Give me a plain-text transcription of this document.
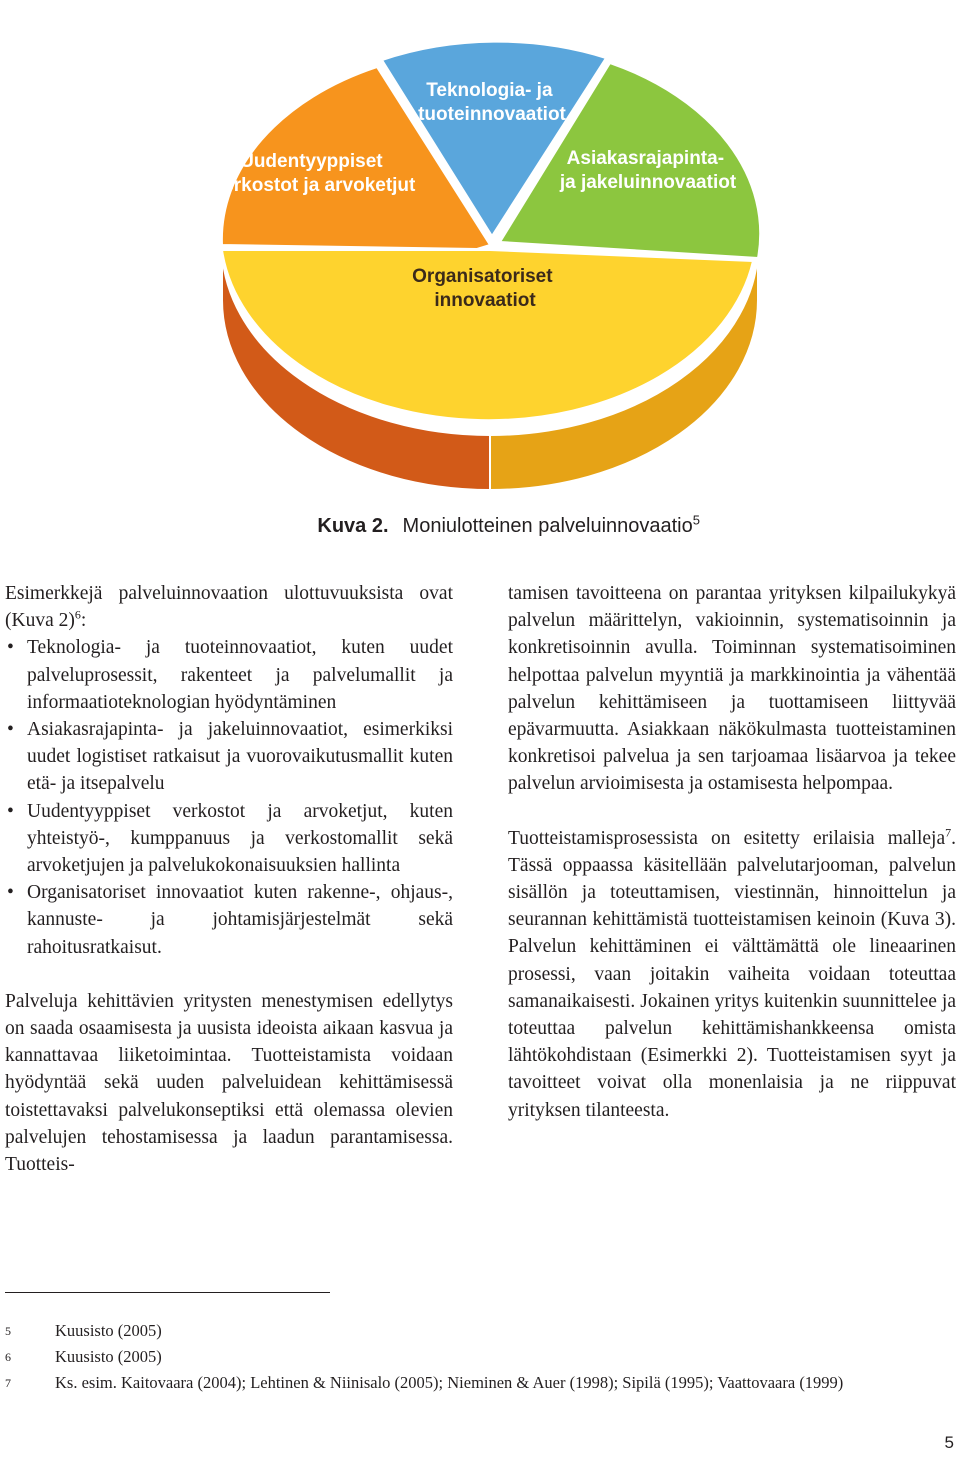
Teknologia- ja tuoteinnovaatiot
Asiakasrajapinta- ja jakeluinnovaatiot
Organisatoriset innovaatiot
Uudentyyppiset verkostot ja arvoketjut
Kuva 2. Moniulotteinen palveluinnovaatio$^5$

Esimerkkejä palveluinnovaation ulottuvuuksista ovat (Kuva 2)$^6$:

• Teknologia- ja tuoteinnovaatiot, kuten uudet palveluprosessit, rakenteet ja palvelumallit ja informaatioteknologian hyödyntäminen
• Asiakasrajapinta- ja jakeluinnovaatiot, esimerkiksi uudet logistiset ratkaisut ja vuorovaikutusmallit kuten etä- ja itsepalvelu
• Uudentyyppiset verkostot ja arvoketjut, kuten yhteistyö-, kumppanuus ja verkostomallit sekä arvoketjujen ja palvelukokonaisuuksien hallinta
• Organisatoriset innovaatiot kuten rakenne-, ohjaus-, kannuste- ja johtamisjärjestelmät sekä rahoitusratkaisut.

Palveluja kehittävien yritysten menestymisen edellytys on saada osaamisesta ja uusista ideoista aikaan kasvua ja kannattavaa liiketoimintaa. Tuotteistamista voidaan hyödyntää sekä uuden palveluidean kehittämisessä toistettavaksi palvelukonseptiksi että olemassa olevien palvelujen tehostamisessa ja laadun parantamisessa. Tuotteis-

tamisen tavoitteena on parantaa yrityksen kilpailukykyä palvelun määrittelyn, vakioinnin, systematisoinnin ja konkretisoinnin avulla. Toiminnan systematisoiminen helpottaa palvelun myyntiä ja markkinointia ja vähentää palvelun kehittämiseen ja tuottamiseen liittyvää epävarmuutta. Asiakkaan näkökulmasta tuotteistaminen konkretisoi palvelua ja sen tarjoamaa lisäarvoa ja tekee palvelun arvioimisesta ja ostamisesta helpompaa.

Tuotteistamisprosessista on esitetty erilaisia malleja$^7$. Tässä oppaassa käsitellään palvelutarjooman, palvelun sisällön ja toteuttamisen, viestinnän, hinnoittelun ja seurannan kehittämistä tuotteistamisen keinoin (Kuva 3). Palvelun kehittäminen ei välttämättä ole lineaarinen prosessi, vaan joitakin vaiheita voidaan toteuttaa samanaikaisesti. Jokainen yritys kuitenkin suunnittelee ja toteuttaa palvelun kehittämishankkeensa omista lähtökohdistaan (Esimerkki 2). Tuotteistamisen syyt ja tavoitteet voivat olla monenlaisia ja ne riippuvat yrityksen tilanteesta.

5	Kuusisto (2005)
6	Kuusisto (2005)
7	Ks. esim. Kaitovaara (2004); Lehtinen & Niinisalo (2005); Nieminen & Auer (1998); Sipilä (1995); Vaattovaara (1999)
5
